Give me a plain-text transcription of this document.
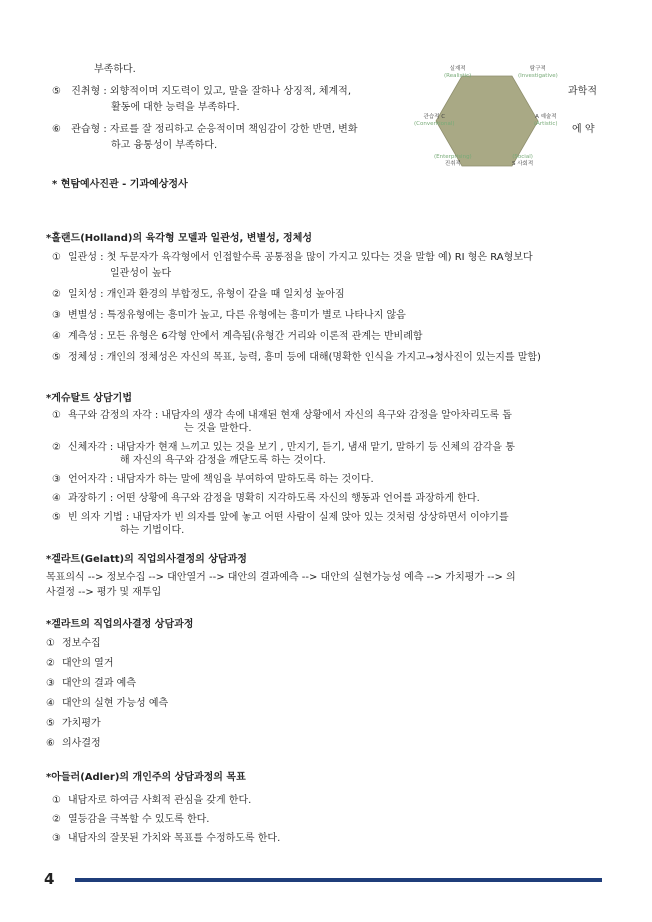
부족하다.
⑤ 진취형 : 외향적이며 지도력이 있고, 말을 잘하나 상징적, 체계적,	과학적
활동에 대한 능력을 부족하다.
⑥ 관습형 : 자료를 잘 정리하고 순응적이며 책임감이 강한 반면, 변화	에 약
하고 융통성이 부족하다.
* 현탐예사진관 - 기과예상정사
실재적
(Realistic)
탐구적
(Investigative)
A 예술적
(Artistic)
(Social)
S 사회적
(Enterprising)
진취적
관습적 C
(Conventional)
*홀랜드(Holland)의 육각형 모델과 일관성, 변별성, 정체성
① 일관성 : 첫 두문자가 육각형에서 인접할수록 공통점을 많이 가지고 있다는 것을 말함 예) RI 형은 RA형보다
일관성이 높다
② 일치성 : 개인과 환경의 부합정도, 유형이 같을 때 일치성 높아짐
③ 변별성 : 특정유형에는 흥미가 높고, 다른 유형에는 흥미가 별로 나타나지 않음
④ 계측성 : 모든 유형은 6각형 안에서 계측됨(유형간 거리와 이론적 관계는 반비례함
⑤ 정체성 : 개인의 정체성은 자신의 목표, 능력, 흥미 등에 대해(명확한 인식을 가지고→청사진이 있는지를 말함)
*게슈탈트 상담기법
① 욕구와 감정의 자각 : 내담자의 생각 속에 내재된 현재 상황에서 자신의 욕구와 감정을 알아차리도록 돕
는 것을 말한다.
② 신체자각 : 내담자가 현재 느끼고 있는 것을 보기 , 만지기, 듣기, 냄새 맡기, 말하기 등 신체의 감각을 통
해 자신의 욕구와 감정을 깨닫도록 하는 것이다.
③ 언어자각 : 내담자가 하는 말에 책임을 부여하여 말하도록 하는 것이다.
④ 과장하기 : 어떤 상황에 욕구와 감정을 명확히 지각하도록 자신의 행동과 언어를 과장하게 한다.
⑤ 빈 의자 기법 : 내담자가 빈 의자를 앞에 놓고 어떤 사람이 실제 앉아 있는 것처럼 상상하면서 이야기를
하는 기법이다.
*겔라트(Gelatt)의 직업의사결정의 상담과정
목표의식 --> 정보수집 --> 대안열거 --> 대안의 결과예측 --> 대안의 실현가능성 예측 --> 가치평가 --> 의
사결정 --> 평가 및 재투입
*겔라트의 직업의사결정 상담과정
① 정보수집
② 대안의 열거
③ 대안의 결과 예측
④ 대안의 실현 가능성 예측
⑤ 가치평가
⑥ 의사결정
*아들러(Adler)의 개인주의 상담과정의 목표
① 내담자로 하여금 사회적 관심을 갖게 한다.
② 열등감을 극복할 수 있도록 한다.
③ 내담자의 잘못된 가치와 목표를 수정하도록 한다.
4
